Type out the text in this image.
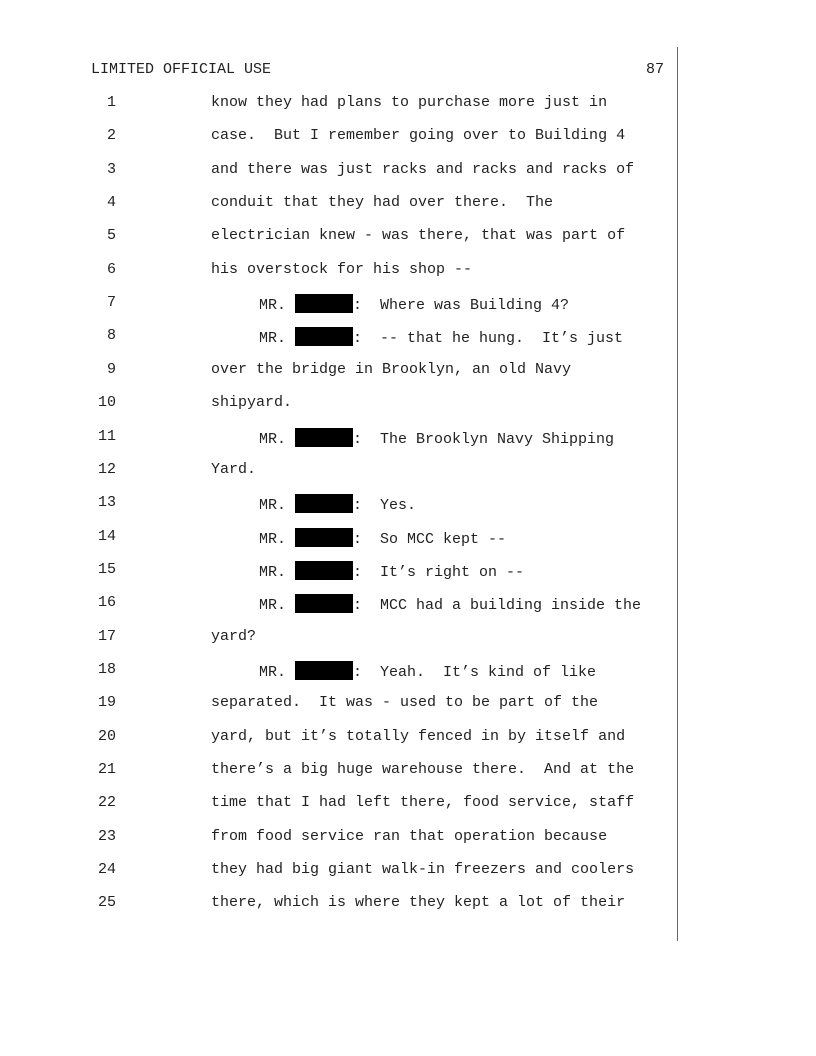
LIMITED OFFICIAL USE	87
1	know they had plans to purchase more just in
2	case.  But I remember going over to Building 4
3	and there was just racks and racks and racks of
4	conduit that they had over there.  The
5	electrician knew - was there, that was part of
6	his overstock for his shop --
7	MR.	:  Where was Building 4?
8	MR.	:  -- that he hung.  It’s just
9	over the bridge in Brooklyn, an old Navy
10	shipyard.
11	MR.	:  The Brooklyn Navy Shipping
12	Yard.
13	MR.	:  Yes.
14	MR.	:  So MCC kept --
15	MR.	:  It’s right on --
16	MR.	:  MCC had a building inside the
17	yard?
18	MR.	:  Yeah.  It’s kind of like
19	separated.  It was - used to be part of the
20	yard, but it’s totally fenced in by itself and
21	there’s a big huge warehouse there.  And at the
22	time that I had left there, food service, staff
23	from food service ran that operation because
24	they had big giant walk-in freezers and coolers
25	there, which is where they kept a lot of their
